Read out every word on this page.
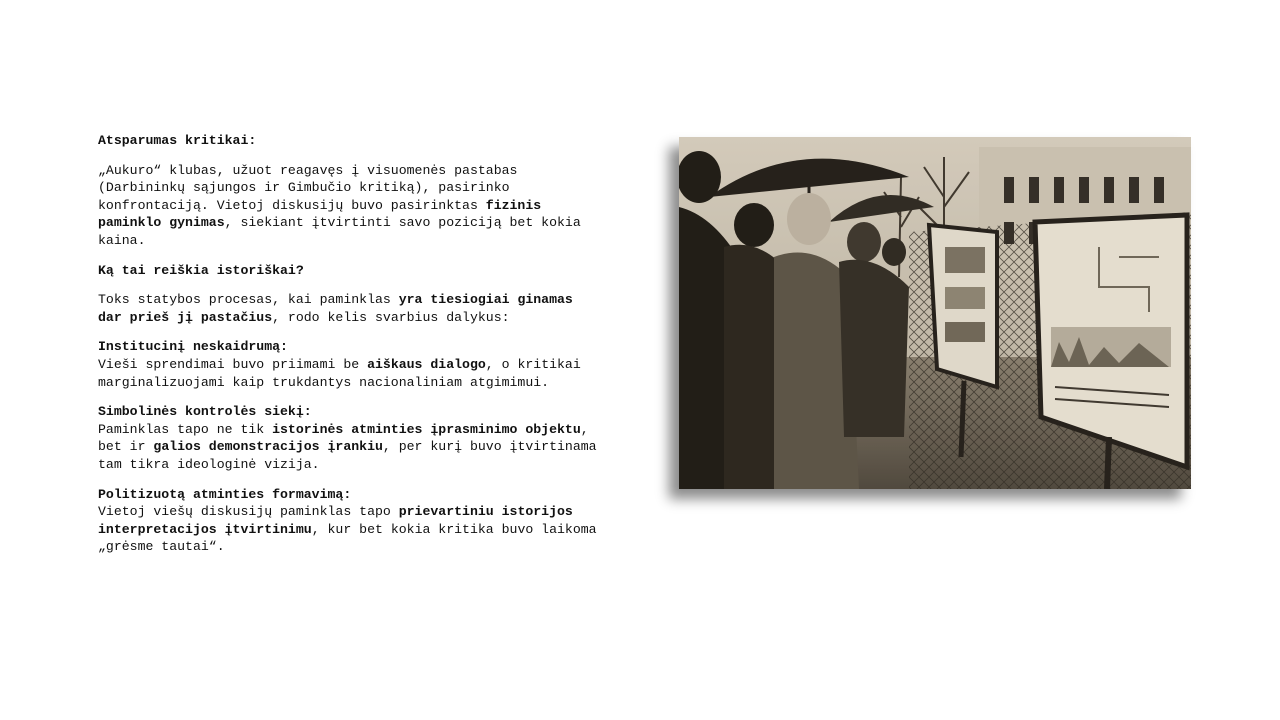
Atsparumas kritikai:
„Aukuro“ klubas, užuot reagavęs į visuomenės pastabas (Darbininkų sąjungos ir Gimbučio kritiką), pasirinko konfrontaciją. Vietoj diskusijų buvo pasirinktas fizinis paminklo gynimas, siekiant įtvirtinti savo poziciją bet kokia kaina.
Ką tai reiškia istoriškai?
Toks statybos procesas, kai paminklas yra tiesiogiai ginamas dar prieš jį pastačius, rodo kelis svarbius dalykus:
Institucinį neskaidrumą:
Vieši sprendimai buvo priimami be aiškaus dialogo, o kritikai marginalizuojami kaip trukdantys nacionaliniam atgimimui.
Simbolinės kontrolės siekį:
Paminklas tapo ne tik istorinės atminties įprasminimo objektu, bet ir galios demonstracijos įrankiu, per kurį buvo įtvirtinama tam tikra ideologinė vizija.
Politizuotą atminties formavimą:
Vietoj viešų diskusijų paminklas tapo prievartiniu istorijos interpretacijos įtvirtinimu, kur bet kokia kritika buvo laikoma „grėsme tautai“.
